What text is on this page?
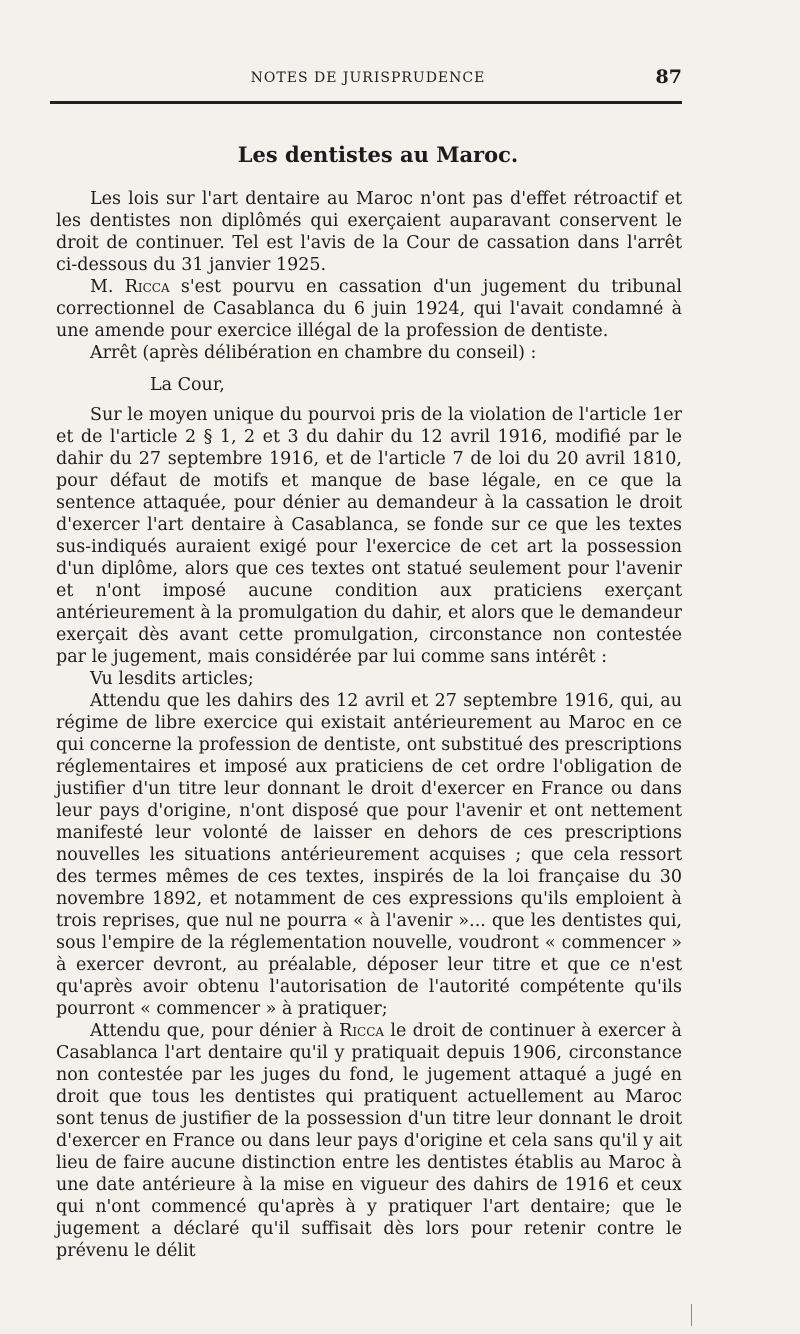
NOTES DE JURISPRUDENCE	87
Les dentistes au Maroc.

Les lois sur l'art dentaire au Maroc n'ont pas d'effet rétroactif et les dentistes non diplômés qui exerçaient auparavant conservent le droit de continuer. Tel est l'avis de la Cour de cassation dans l'arrêt ci-dessous du 31 janvier 1925.

M. Ricca s'est pourvu en cassation d'un jugement du tribunal correctionnel de Casablanca du 6 juin 1924, qui l'avait condamné à une amende pour exercice illégal de la profession de dentiste.

Arrêt (après délibération en chambre du conseil) :

La Cour,

Sur le moyen unique du pourvoi pris de la violation de l'article 1er et de l'article 2 § 1, 2 et 3 du dahir du 12 avril 1916, modifié par le dahir du 27 septembre 1916, et de l'article 7 de loi du 20 avril 1810, pour défaut de motifs et manque de base légale, en ce que la sentence attaquée, pour dénier au demandeur à la cassation le droit d'exercer l'art dentaire à Casablanca, se fonde sur ce que les textes sus-indiqués auraient exigé pour l'exercice de cet art la possession d'un diplôme, alors que ces textes ont statué seulement pour l'avenir et n'ont imposé aucune condition aux praticiens exerçant antérieurement à la promulgation du dahir, et alors que le demandeur exerçait dès avant cette promulgation, circonstance non contestée par le jugement, mais considérée par lui comme sans intérêt :

Vu lesdits articles;

Attendu que les dahirs des 12 avril et 27 septembre 1916, qui, au régime de libre exercice qui existait antérieurement au Maroc en ce qui concerne la profession de dentiste, ont substitué des prescriptions réglementaires et imposé aux praticiens de cet ordre l'obligation de justifier d'un titre leur donnant le droit d'exercer en France ou dans leur pays d'origine, n'ont disposé que pour l'avenir et ont nettement manifesté leur volonté de laisser en dehors de ces prescriptions nouvelles les situations antérieurement acquises ; que cela ressort des termes mêmes de ces textes, inspirés de la loi française du 30 novembre 1892, et notamment de ces expressions qu'ils emploient à trois reprises, que nul ne pourra « à l'avenir »... que les dentistes qui, sous l'empire de la réglementation nouvelle, voudront « commencer » à exercer devront, au préalable, déposer leur titre et que ce n'est qu'après avoir obtenu l'autorisation de l'autorité compétente qu'ils pourront « commencer » à pratiquer;

Attendu que, pour dénier à Ricca le droit de continuer à exercer à Casablanca l'art dentaire qu'il y pratiquait depuis 1906, circonstance non contestée par les juges du fond, le jugement attaqué a jugé en droit que tous les dentistes qui pratiquent actuellement au Maroc sont tenus de justifier de la possession d'un titre leur donnant le droit d'exercer en France ou dans leur pays d'origine et cela sans qu'il y ait lieu de faire aucune distinction entre les dentistes établis au Maroc à une date antérieure à la mise en vigueur des dahirs de 1916 et ceux qui n'ont commencé qu'après à y pratiquer l'art dentaire; que le jugement a déclaré qu'il suffisait dès lors pour retenir contre le prévenu le délit
